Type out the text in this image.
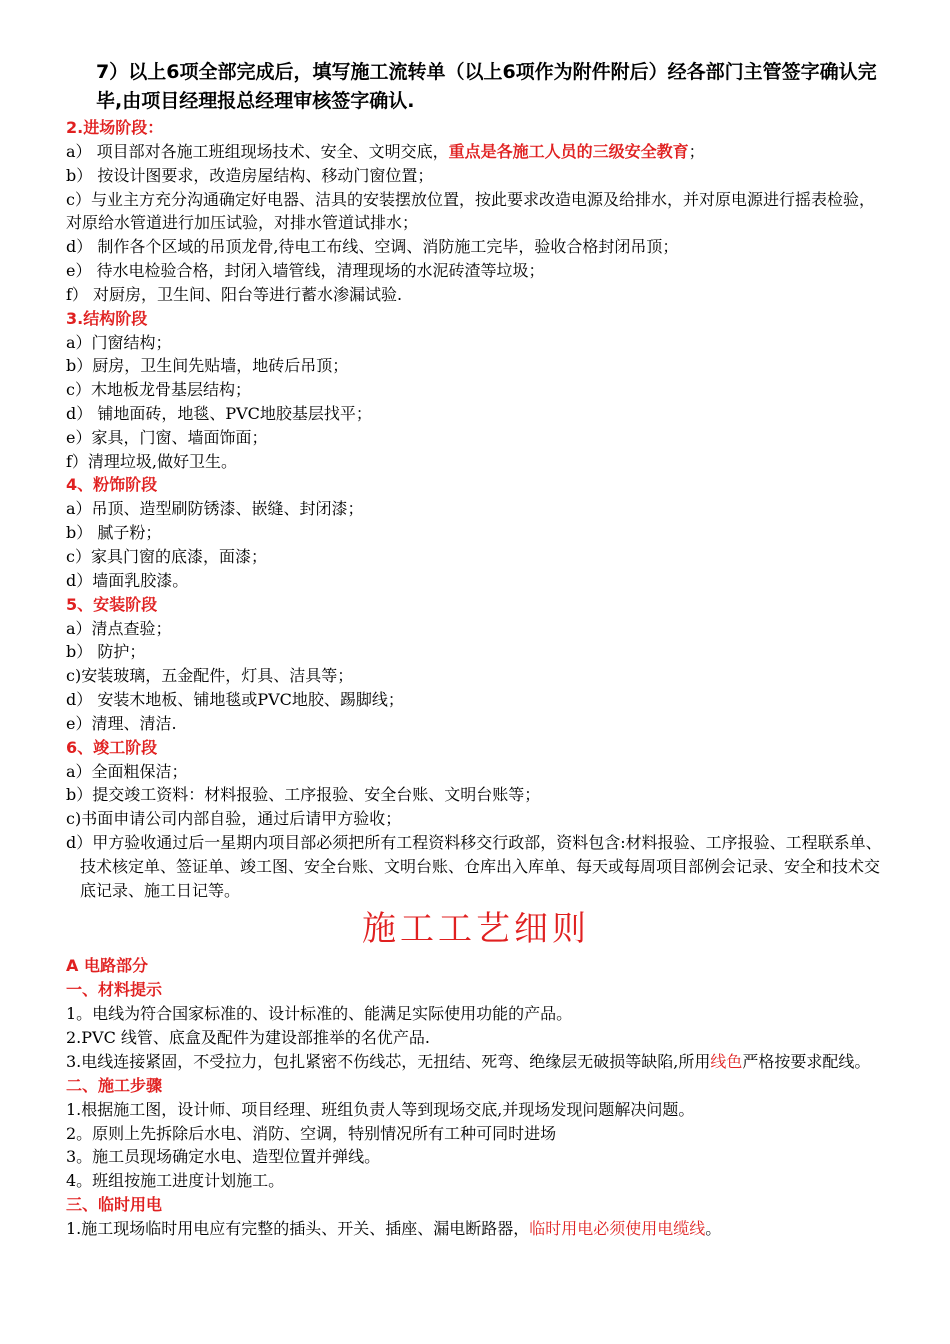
7）以上6项全部完成后，填写施工流转单（以上6项作为附件附后）经各部门主管签字确认完毕,由项目经理报总经理审核签字确认.

2.进场阶段：

a） 项目部对各施工班组现场技术、安全、文明交底，重点是各施工人员的三级安全教育；

b） 按设计图要求，改造房屋结构、移动门窗位置；

c）与业主方充分沟通确定好电器、洁具的安装摆放位置，按此要求改造电源及给排水，并对原电源进行摇表检验，对原给水管道进行加压试验，对排水管道试排水；

d） 制作各个区域的吊顶龙骨,待电工布线、空调、消防施工完毕，验收合格封闭吊顶；

e） 待水电检验合格，封闭入墙管线，清理现场的水泥砖渣等垃圾；

f） 对厨房，卫生间、阳台等进行蓄水渗漏试验.

3.结构阶段

a）门窗结构；

b）厨房，卫生间先贴墙，地砖后吊顶；

c）木地板龙骨基层结构；

d） 铺地面砖，地毯、PVC地胶基层找平；

e）家具，门窗、墙面饰面；

f）清理垃圾,做好卫生。

4、粉饰阶段

a）吊顶、造型刷防锈漆、嵌缝、封闭漆；

b） 腻子粉；

c）家具门窗的底漆，面漆；

d）墙面乳胶漆。

5、安装阶段

a）清点查验；

b） 防护；

c)安装玻璃，五金配件，灯具、洁具等；

d） 安装木地板、铺地毯或PVC地胶、踢脚线；

e）清理、清洁.

6、竣工阶段

a）全面粗保洁；

b）提交竣工资料：材料报验、工序报验、安全台账、文明台账等；

c)书面申请公司内部自验，通过后请甲方验收；

d）甲方验收通过后一星期内项目部必须把所有工程资料移交行政部，资料包含:材料报验、工序报验、工程联系单、技术核定单、签证单、竣工图、安全台账、文明台账、仓库出入库单、每天或每周项目部例会记录、安全和技术交底记录、施工日记等。

施工工艺细则

A 电路部分

一、材料提示

1。电线为符合国家标准的、设计标准的、能满足实际使用功能的产品。

2.PVC 线管、底盒及配件为建设部推举的名优产品.

3.电线连接紧固，不受拉力，包扎紧密不伤线芯，无扭结、死弯、绝缘层无破损等缺陷,所用线色严格按要求配线。

二、施工步骤

1.根据施工图，设计师、项目经理、班组负责人等到现场交底,并现场发现问题解决问题。

2。原则上先拆除后水电、消防、空调，特别情况所有工种可同时进场

3。施工员现场确定水电、造型位置并弹线。

4。班组按施工进度计划施工。

三、临时用电

1.施工现场临时用电应有完整的插头、开关、插座、漏电断路器，临时用电必须使用电缆线。
